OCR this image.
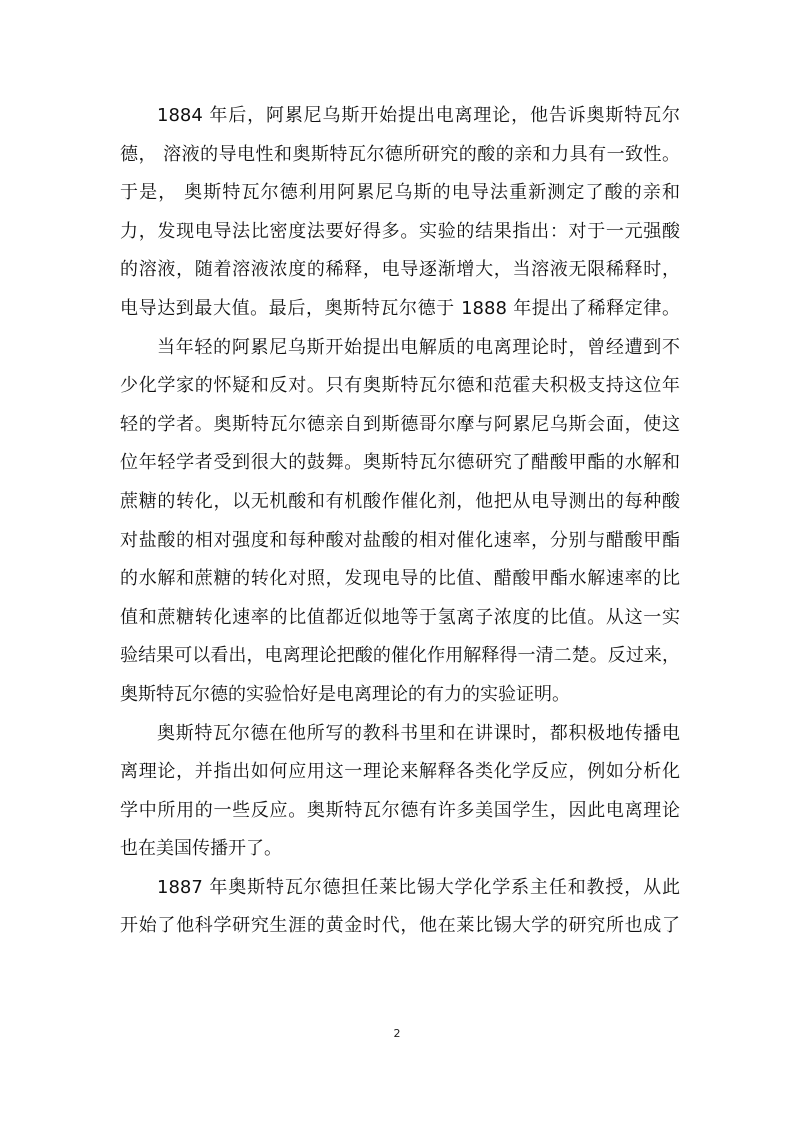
1884 年后，阿累尼乌斯开始提出电离理论，他告诉奥斯特瓦尔

德， 溶液的导电性和奥斯特瓦尔德所研究的酸的亲和力具有一致性。

于是， 奥斯特瓦尔德利用阿累尼乌斯的电导法重新测定了酸的亲和

力，发现电导法比密度法要好得多。实验的结果指出：对于一元强酸

的溶液，随着溶液浓度的稀释，电导逐渐增大，当溶液无限稀释时，

电导达到最大值。最后，奥斯特瓦尔德于 1888 年提出了稀释定律。

当年轻的阿累尼乌斯开始提出电解质的电离理论时，曾经遭到不

少化学家的怀疑和反对。只有奥斯特瓦尔德和范霍夫积极支持这位年

轻的学者。奥斯特瓦尔德亲自到斯德哥尔摩与阿累尼乌斯会面，使这

位年轻学者受到很大的鼓舞。奥斯特瓦尔德研究了醋酸甲酯的水解和

蔗糖的转化，以无机酸和有机酸作催化剂，他把从电导测出的每种酸

对盐酸的相对强度和每种酸对盐酸的相对催化速率，分别与醋酸甲酯

的水解和蔗糖的转化对照，发现电导的比值、醋酸甲酯水解速率的比

值和蔗糖转化速率的比值都近似地等于氢离子浓度的比值。从这一实

验结果可以看出，电离理论把酸的催化作用解释得一清二楚。反过来，

奥斯特瓦尔德的实验恰好是电离理论的有力的实验证明。

奥斯特瓦尔德在他所写的教科书里和在讲课时，都积极地传播电

离理论，并指出如何应用这一理论来解释各类化学反应，例如分析化

学中所用的一些反应。奥斯特瓦尔德有许多美国学生，因此电离理论

也在美国传播开了。

1887 年奥斯特瓦尔德担任莱比锡大学化学系主任和教授，从此

开始了他科学研究生涯的黄金时代，他在莱比锡大学的研究所也成了

2
